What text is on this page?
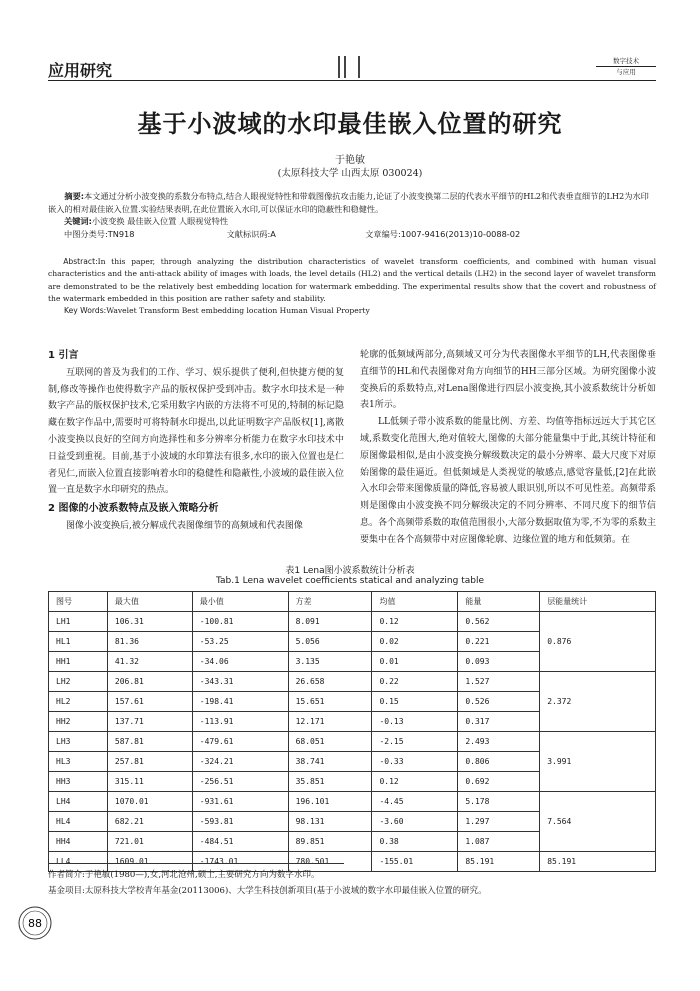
应用研究	数字技术
与应用
基于小波域的水印最佳嵌入位置的研究
于艳敏
(太原科技大学 山西太原 030024)
摘要:本文通过分析小波变换的系数分布特点,结合人眼视觉特性和带载图像抗攻击能力,论证了小波变换第二层的代表水平细节的HL2和代表垂直细节的LH2为水印嵌入的相对最佳嵌入位置.实验结果表明,在此位置嵌入水印,可以保证水印的隐蔽性和稳健性。
关键词:小波变换 最佳嵌入位置 人眼视觉特性
中图分类号:TN918	文献标识码:A	文章编号:1007-9416(2013)10-0088-02
Abstract:In this paper, through analyzing the distribution characteristics of wavelet transform coefficients, and combined with human visual characteristics and the anti-attack ability of images with loads, the level details (HL2) and the vertical details (LH2) in the second layer of wavelet transform are demonstrated to be the relatively best embedding location for watermark embedding. The experimental results show that the covert and robustness of the watermark embedded in this position are rather safety and stability.
Key Words:Wavelet Transform Best embedding location Human Visual Property
1 引言

互联网的普及为我们的工作、学习、娱乐提供了便利,但快捷方便的复制,修改等操作也使得数字产品的版权保护受到冲击。数字水印技术是一种数字产品的版权保护技术,它采用数字内嵌的方法将不可见的,特制的标记隐藏在数字作品中,需要时可将特制水印提出,以此证明数字产品版权[1],离散小波变换以良好的空间方向选择性和多分辨率分析能力在数字水印技术中日益受到重视。目前,基于小波域的水印算法有很多,水印的嵌入位置也是仁者见仁,而嵌入位置直接影响着水印的稳健性和隐蔽性,小波域的最佳嵌入位置一直是数字水印研究的热点。

2 图像的小波系数特点及嵌入策略分析

图像小波变换后,被分解成代表图像细节的高频域和代表图像

轮廓的低频域两部分,高频域又可分为代表图像水平细节的LH,代表图像垂直细节的HL和代表图像对角方向细节的HH三部分区域。为研究图像小波变换后的系数特点,对Lena图像进行四层小波变换,其小波系数统计分析如表1所示。

LL低频子带小波系数的能量比例、方差、均值等指标远远大于其它区域,系数变化范围大,绝对值较大,图像的大部分能量集中于此,其统计特征和原图像最相似,是由小波变换分解级数决定的最小分辨率、最大尺度下对原始图像的最佳逼近。但低频域是人类视觉的敏感点,感觉容量低,[2]在此嵌入水印会带来图像质量的降低,容易被人眼识别,所以不可见性差。高频带系则是图像由小波变换不同分解级决定的不同分辨率、不同尺度下的细节信息。各个高频带系数的取值范围很小,大部分数据取值为零,不为零的系数主要集中在各个高频带中对应图像轮廓、边缘位置的地方和低频第。在

表1 Lena图小波系数统计分析表
Tab.1 Lena wavelet coefficients statical and analyzing table
图号	最大值	最小值	方差	均值	能量	层能量统计
LH1	106.31	-100.81	8.091	0.12	0.562	0.876
HL1	81.36	-53.25	5.056	0.02	0.221	
HH1	41.32	-34.06	3.135	0.01	0.093	
LH2	206.81	-343.31	26.658	0.22	1.527	2.372
HL2	157.61	-198.41	15.651	0.15	0.526	
HH2	137.71	-113.91	12.171	-0.13	0.317	
LH3	587.81	-479.61	68.051	-2.15	2.493	3.991
HL3	257.81	-324.21	38.741	-0.33	0.806	
HH3	315.11	-256.51	35.851	0.12	0.692	
LH4	1070.01	-931.61	196.101	-4.45	5.178	7.564
HL4	682.21	-593.81	98.131	-3.60	1.297	
HH4	721.01	-484.51	89.851	0.38	1.087	
LL4	1609.01	-1743.01	780.501	-155.01	85.191	85.191
作者简介:于艳敏(1980—),女,河北沧州,硕士,主要研究方向为数字水印。
基金项目:太原科技大学校青年基金(20113006)、大学生科技创新项目(基于小波域的数字水印最佳嵌入位置的研究。
88
